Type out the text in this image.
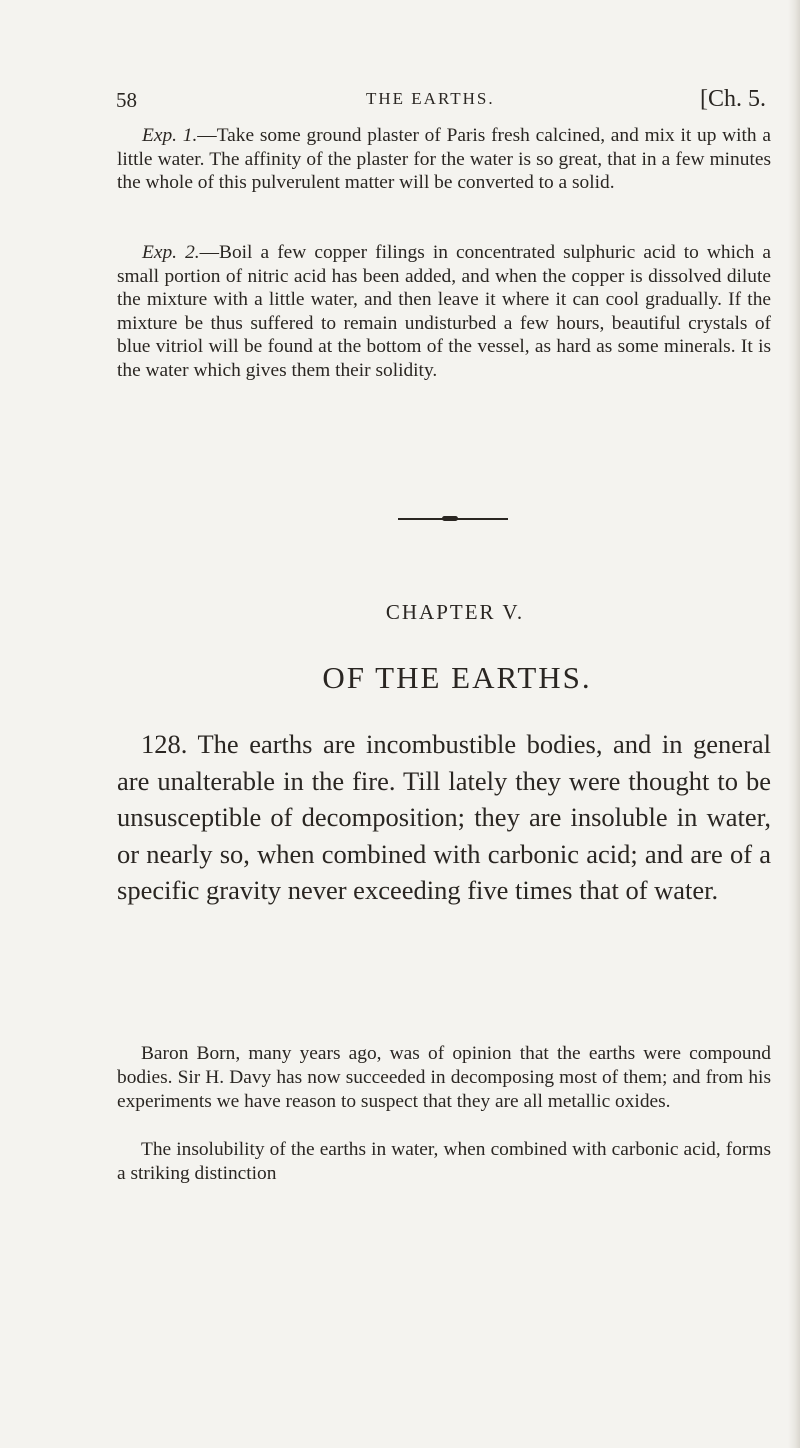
58	THE EARTHS.	[Ch. 5.

Exp. 1.—Take some ground plaster of Paris fresh calcined, and mix it up with a little water. The affinity of the plaster for the water is so great, that in a few minutes the whole of this pulverulent matter will be converted to a solid.

Exp. 2.—Boil a few copper filings in concentrated sulphuric acid to which a small portion of nitric acid has been added, and when the copper is dissolved dilute the mixture with a little water, and then leave it where it can cool gradually. If the mixture be thus suffered to remain undisturbed a few hours, beautiful crystals of blue vitriol will be found at the bottom of the vessel, as hard as some minerals. It is the water which gives them their solidity.

CHAPTER V.
OF THE EARTHS.

128. The earths are incombustible bodies, and in general are unalterable in the fire. Till lately they were thought to be unsusceptible of decomposition; they are insoluble in water, or nearly so, when combined with carbonic acid; and are of a specific gravity never exceeding five times that of water.

Baron Born, many years ago, was of opinion that the earths were compound bodies. Sir H. Davy has now succeeded in decomposing most of them; and from his experiments we have reason to suspect that they are all metallic oxides.

The insolubility of the earths in water, when combined with carbonic acid, forms a striking distinction
